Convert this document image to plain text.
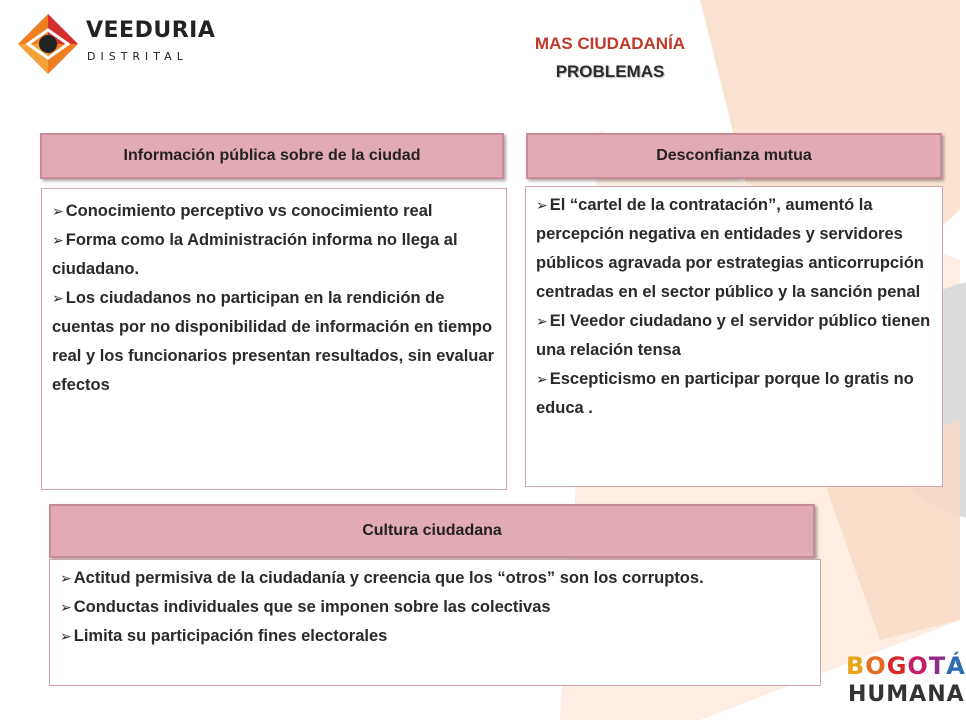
VEEDURIA
DISTRITAL
MAS CIUDADANÍA
PROBLEMAS
Información pública sobre de la ciudad
➢ Conocimiento perceptivo vs conocimiento real
➢ Forma como la Administración informa no llega al ciudadano.
➢ Los ciudadanos no participan en la rendición de cuentas por no disponibilidad de información en tiempo real y los funcionarios presentan resultados, sin evaluar efectos
Desconfianza mutua
➢ El “cartel de la contratación”, aumentó la percepción negativa en entidades y servidores públicos agravada por estrategias anticorrupción centradas en el sector público y la sanción penal
➢ El Veedor ciudadano y el servidor público tienen una relación tensa
➢ Escepticismo en participar porque lo gratis no educa .
Cultura ciudadana
➢ Actitud permisiva de la ciudadanía y creencia que los “otros” son los corruptos.
➢ Conductas individuales que se imponen sobre las colectivas
➢ Limita su participación fines electorales
B O G O T Á
HUMANA
